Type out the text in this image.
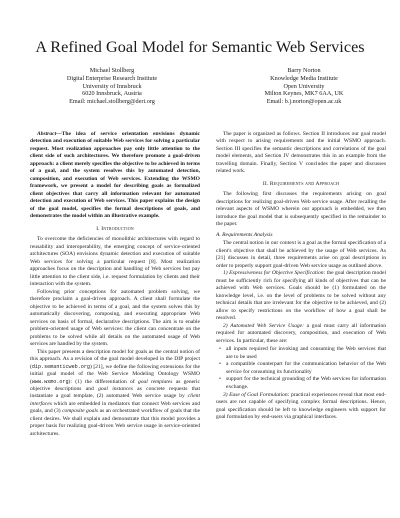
A Refined Goal Model for Semantic Web Services
Michael Stollberg
Digital Enterprise Research Institute
University of Innsbruck
6020 Innsbruck, Austria
Email: michael.stollberg@deri.org
Barry Norton
Knowledge Media Institute
Open University
Milton Keynes, MK7 6AA, UK
Email: b.j.norton@open.ac.uk

Abstract—The idea of service orientation envisions dynamic detection and execution of suitable Web services for solving a particular request. Most realization approaches pay only little attention to the client side of such architectures. We therefore promote a goal-driven approach: a client merely specifies the objective to be achieved in terms of a goal, and the system resolves this by automated detection, composition, and execution of Web services. Extending the WSMO framework, we present a model for describing goals as formalized client objectives that carry all information relevant for automated detection and execution of Web services. This paper explains the design of the goal model, specifies the formal descriptions of goals, and demonstrates the model within an illustrative example.

I. Introduction

To overcome the deficiencies of monolithic architectures with regard to reusability and interoperability, the emerging concept of service-oriented architectures (SOA) envisions dynamic detection and execution of suitable Web services for solving a particular request [8]. Most realization approaches focus on the description and handling of Web services but pay little attention to the client side, i.e. request formulation by clients and their interaction with the system.

Following prior conceptions for automated problem solving, we therefore proclaim a goal-driven approach. A client shall formulate the objective to be achieved in terms of a goal, and the system solves this by automatically discovering, composing, and executing appropriate Web services on basis of formal, declarative descriptions. The aim is to enable problem-oriented usage of Web services: the client can concentrate on the problems to be solved while all details on the automated usage of Web services are handled by the system.

This paper presents a description model for goals as the central notion of this approach. As a revision of the goal model developed in the DIP project (dip.semanticweb.org) [21], we define the following extensions for the initial goal model of the Web Service Modeling Ontology WSMO (www.wsmo.org): (1) the differentiation of goal templates as generic objective descriptions and goal instances as concrete requests that instantiate a goal template, (2) automated Web service usage by client interfaces which are embedded in mediators that connect Web services and goals, and (3) composite goals as an orchestrated workflow of goals that the client desires. We shall explain and demonstrate that this model provides a proper basis for realizing goal-driven Web service usage in service-oriented architectures.

The paper is organized as follows. Section II introduces our goal model with respect to arising requirements and the initial WSMO approach. Section III specifies the semantic descriptions and correlations of the goal model elements, and Section IV demonstrates this in an example from the travelling domain. Finally, Section V concludes the paper and discusses related work.

II. Requirements and Approach

The following first discusses the requirements arising on goal descriptions for realizing goal-driven Web service usage. After recalling the relevant aspects of WSMO wherein our approach is embedded, we then introduce the goal model that is subsequently specified in the remainder to the paper.

A. Requirements Analysis

The central notion in our context is a goal as the formal specification of a client's objective that shall be achieved by the usage of Web services. As [21] discusses in detail, three requirements arise on goal descriptions in order to properly support goal-driven Web service usage as outlined above.

1) Expressiveness for Objective Specification: the goal description model must be sufficiently rich for specifying all kinds of objectives that can be achieved with Web services. Goals should be (1) formulated on the knowledge level, i.e. on the level of problems to be solved without any technical details that are irrelevant for the objective to be achieved, and (2) allow to specify restrictions on the workflow of how a goal shall be resolved.

2) Automated Web Service Usage: a goal must carry all information required for automated discovery, composition, and execution of Web services. In particular, these are:

• all inputs required for invoking and consuming the Web services that are to be used
• a compatible counterpart for the communication behavior of the Web service for consuming its functionality
• support for the technical grounding of the Web services for information exchange.

3) Ease of Goal Formulation: practical experiences reveal that most end-users are not capable of specifying complex formal descriptions. Hence, goal specification should be left to knowledge engineers with support for goal formulation by end-users via graphical interfaces.
